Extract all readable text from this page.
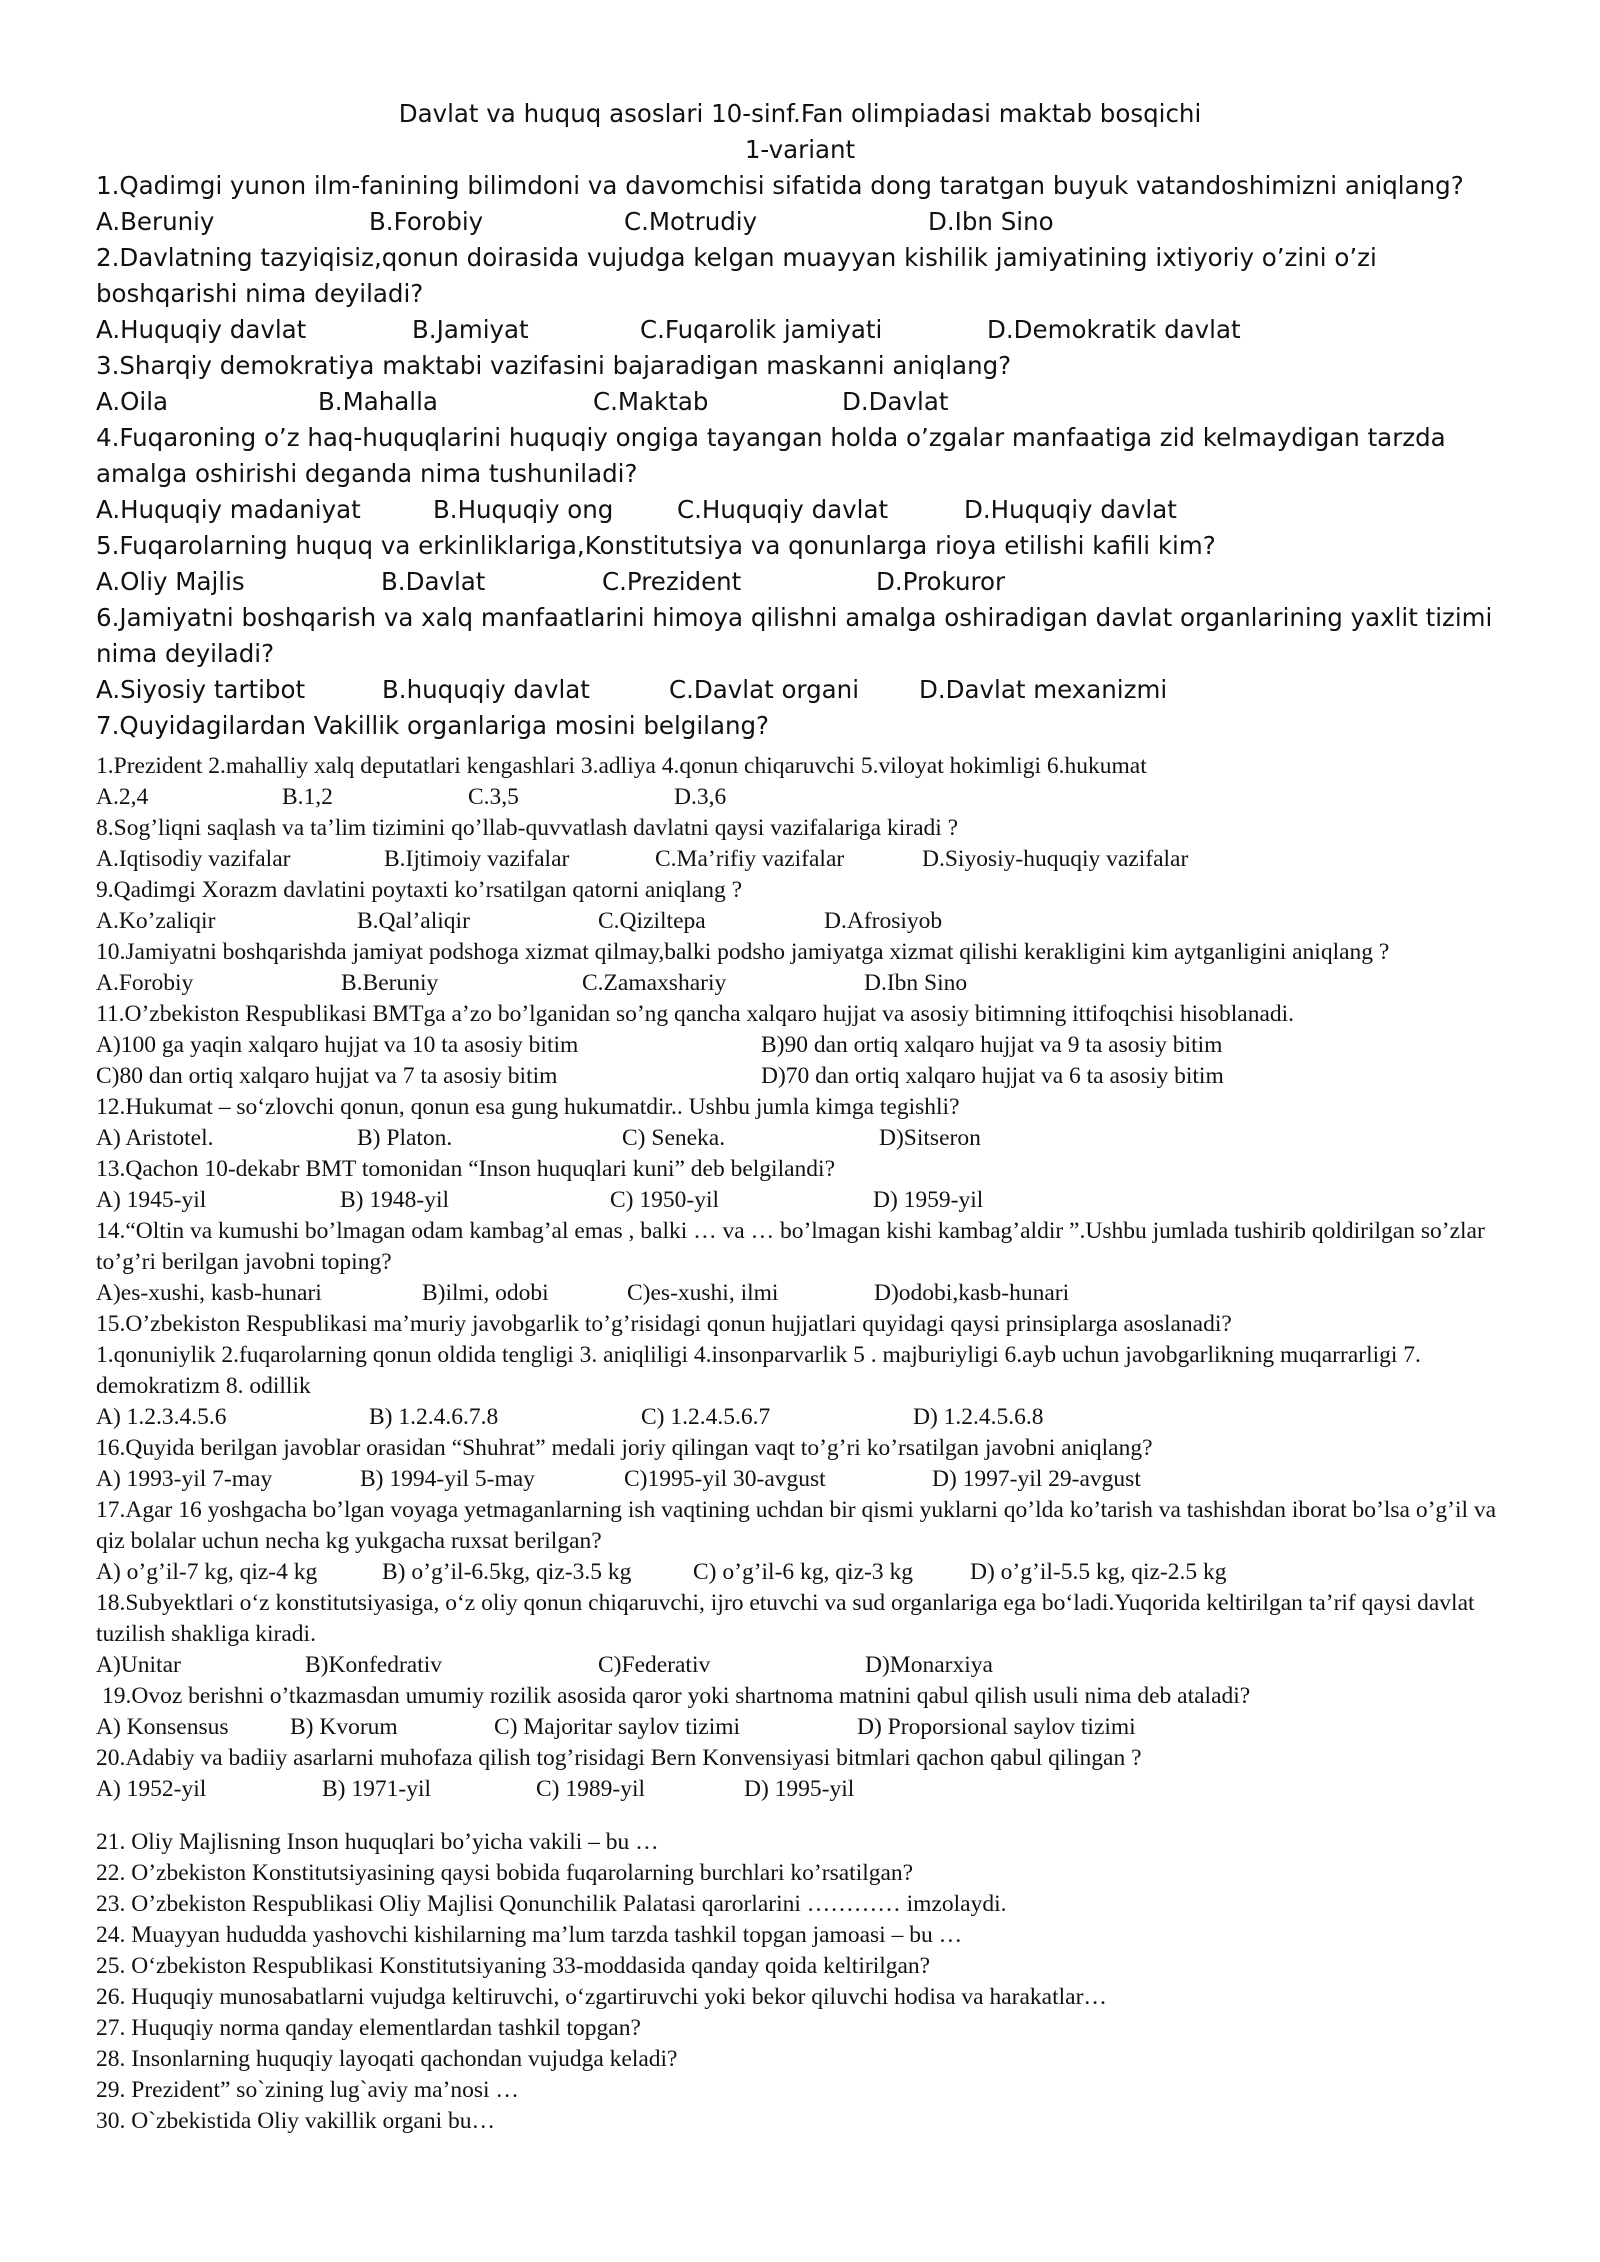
Davlat va huquq asoslari 10-sinf.Fan olimpiadasi maktab bosqichi
1-variant

1.Qadimgi yunon ilm-fanining bilimdoni va davomchisi sifatida dong taratgan buyuk vatandoshimizni aniqlang?

A.Beruniy	B.Forobiy	C.Motrudiy	D.Ibn Sino

2.Davlatning tazyiqisiz,qonun doirasida vujudga kelgan muayyan kishilik jamiyatining ixtiyoriy o’zini o’zi boshqarishi nima deyiladi?

A.Huquqiy davlat	B.Jamiyat	C.Fuqarolik jamiyati	D.Demokratik davlat

3.Sharqiy demokratiya maktabi vazifasini bajaradigan maskanni aniqlang?

A.Oila	B.Mahalla	C.Maktab	D.Davlat

4.Fuqaroning o’z haq-huquqlarini huquqiy ongiga tayangan holda o’zgalar manfaatiga zid kelmaydigan tarzda amalga oshirishi deganda nima tushuniladi?

A.Huquqiy madaniyat	B.Huquqiy ong	C.Huquqiy davlat	D.Huquqiy davlat

5.Fuqarolarning huquq va erkinliklariga,Konstitutsiya va qonunlarga rioya etilishi kafili kim?

A.Oliy Majlis	B.Davlat	C.Prezident	D.Prokuror

6.Jamiyatni boshqarish va xalq manfaatlarini himoya qilishni amalga oshiradigan davlat organlarining yaxlit tizimi nima deyiladi?

A.Siyosiy tartibot	B.huquqiy davlat	C.Davlat organi D.Davlat mexanizmi

7.Quyidagilardan Vakillik organlariga mosini belgilang?

1.Prezident 2.mahalliy xalq deputatlari kengashlari 3.adliya 4.qonun chiqaruvchi 5.viloyat hokimligi 6.hukumat

A.2,4	B.1,2	C.3,5	D.3,6

8.Sog’liqni saqlash va ta’lim tizimini qo’llab-quvvatlash davlatni qaysi vazifalariga kiradi ?

A.Iqtisodiy vazifalar	B.Ijtimoiy vazifalar	C.Ma’rifiy vazifalar	D.Siyosiy-huquqiy vazifalar

9.Qadimgi Xorazm davlatini poytaxti ko’rsatilgan qatorni aniqlang ?

A.Ko’zaliqir	B.Qal’aliqir	C.Qiziltepa	D.Afrosiyob

10.Jamiyatni boshqarishda jamiyat podshoga xizmat qilmay,balki podsho jamiyatga xizmat qilishi kerakligini kim aytganligini aniqlang ?

A.Forobiy	B.Beruniy	C.Zamaxshariy	D.Ibn Sino

11.O’zbekiston Respublikasi BMTga a’zo bo’lganidan so’ng qancha xalqaro hujjat va asosiy bitimning ittifoqchisi hisoblanadi.

A)100 ga yaqin xalqaro hujjat va 10 ta asosiy bitim	B)90 dan ortiq xalqaro hujjat va 9 ta asosiy bitim
C)80 dan ortiq xalqaro hujjat va 7 ta asosiy bitim	D)70 dan ortiq xalqaro hujjat va 6 ta asosiy bitim

12.Hukumat – so‘zlovchi qonun, qonun esa gung hukumatdir.. Ushbu jumla kimga tegishli?

A) Aristotel.	B) Platon.	C) Seneka.	D)Sitseron

13.Qachon 10-dekabr BMT tomonidan “Inson huquqlari kuni” deb belgilandi?

A) 1945-yil	B) 1948-yil	C) 1950-yil	D) 1959-yil

14.“Oltin va kumushi bo’lmagan odam kambag’al emas , balki … va … bo’lmagan kishi kambag’aldir ”.Ushbu jumlada tushirib qoldirilgan so’zlar to’g’ri berilgan javobni toping?

A)es-xushi, kasb-hunari	B)ilmi, odobi	C)es-xushi, ilmi	D)odobi,kasb-hunari

15.O’zbekiston Respublikasi ma’muriy javobgarlik to’g’risidagi qonun hujjatlari quyidagi qaysi prinsiplarga asoslanadi?

1.qonuniylik 2.fuqarolarning qonun oldida tengligi 3. aniqliligi 4.insonparvarlik 5 . majburiyligi 6.ayb uchun javobgarlikning muqarrarligi 7. demokratizm 8. odillik

A) 1.2.3.4.5.6	B) 1.2.4.6.7.8	C) 1.2.4.5.6.7	D) 1.2.4.5.6.8

16.Quyida berilgan javoblar orasidan “Shuhrat” medali joriy qilingan vaqt to’g’ri ko’rsatilgan javobni aniqlang?

A) 1993-yil 7-may	B) 1994-yil 5-may	C)1995-yil 30-avgust	D) 1997-yil 29-avgust

17.Agar 16 yoshgacha bo’lgan voyaga yetmaganlarning ish vaqtining uchdan bir qismi yuklarni qo’lda ko’tarish va tashishdan iborat bo’lsa o’g’il va qiz bolalar uchun necha kg yukgacha ruxsat berilgan?

A) o’g’il-7 kg, qiz-4 kg	B) o’g’il-6.5kg, qiz-3.5 kg	C) o’g’il-6 kg, qiz-3 kg D) o’g’il-5.5 kg, qiz-2.5 kg

18.Subyektlari o‘z konstitutsiyasiga, o‘z oliy qonun chiqaruvchi, ijro etuvchi va sud organlariga ega bo‘ladi.Yuqorida keltirilgan ta’rif qaysi davlat tuzilish shakliga kiradi.

A)Unitar	B)Konfedrativ	C)Federativ	D)Monarxiya

19.Ovoz berishni o’tkazmasdan umumiy rozilik asosida qaror yoki shartnoma matnini qabul qilish usuli nima deb ataladi?

A) Konsensus	B) Kvorum	C) Majoritar saylov tizimi	D) Proporsional saylov tizimi

20.Adabiy va badiiy asarlarni muhofaza qilish tog’risidagi Bern Konvensiyasi bitmlari qachon qabul qilingan ?

A) 1952-yil	B) 1971-yil	C) 1989-yil	D) 1995-yil

21. Oliy Majlisning Inson huquqlari bo’yicha vakili – bu …

22. O’zbekiston Konstitutsiyasining qaysi bobida fuqarolarning burchlari ko’rsatilgan?

23. O’zbekiston Respublikasi Oliy Majlisi Qonunchilik Palatasi qarorlarini ………… imzolaydi.

24. Muayyan hududda yashovchi kishilarning ma’lum tarzda tashkil topgan jamoasi – bu …

25. O‘zbekiston Respublikasi Konstitutsiyaning 33-moddasida qanday qoida keltirilgan?

26. Huquqiy munosabatlarni vujudga keltiruvchi, o‘zgartiruvchi yoki bekor qiluvchi hodisa va harakatlar…

27. Huquqiy norma qanday elementlardan tashkil topgan?

28. Insonlarning huquqiy layoqati qachondan vujudga keladi?

29. Prezident” so`zining lug`aviy ma’nosi …

30. O`zbekistida Oliy vakillik organi bu…
